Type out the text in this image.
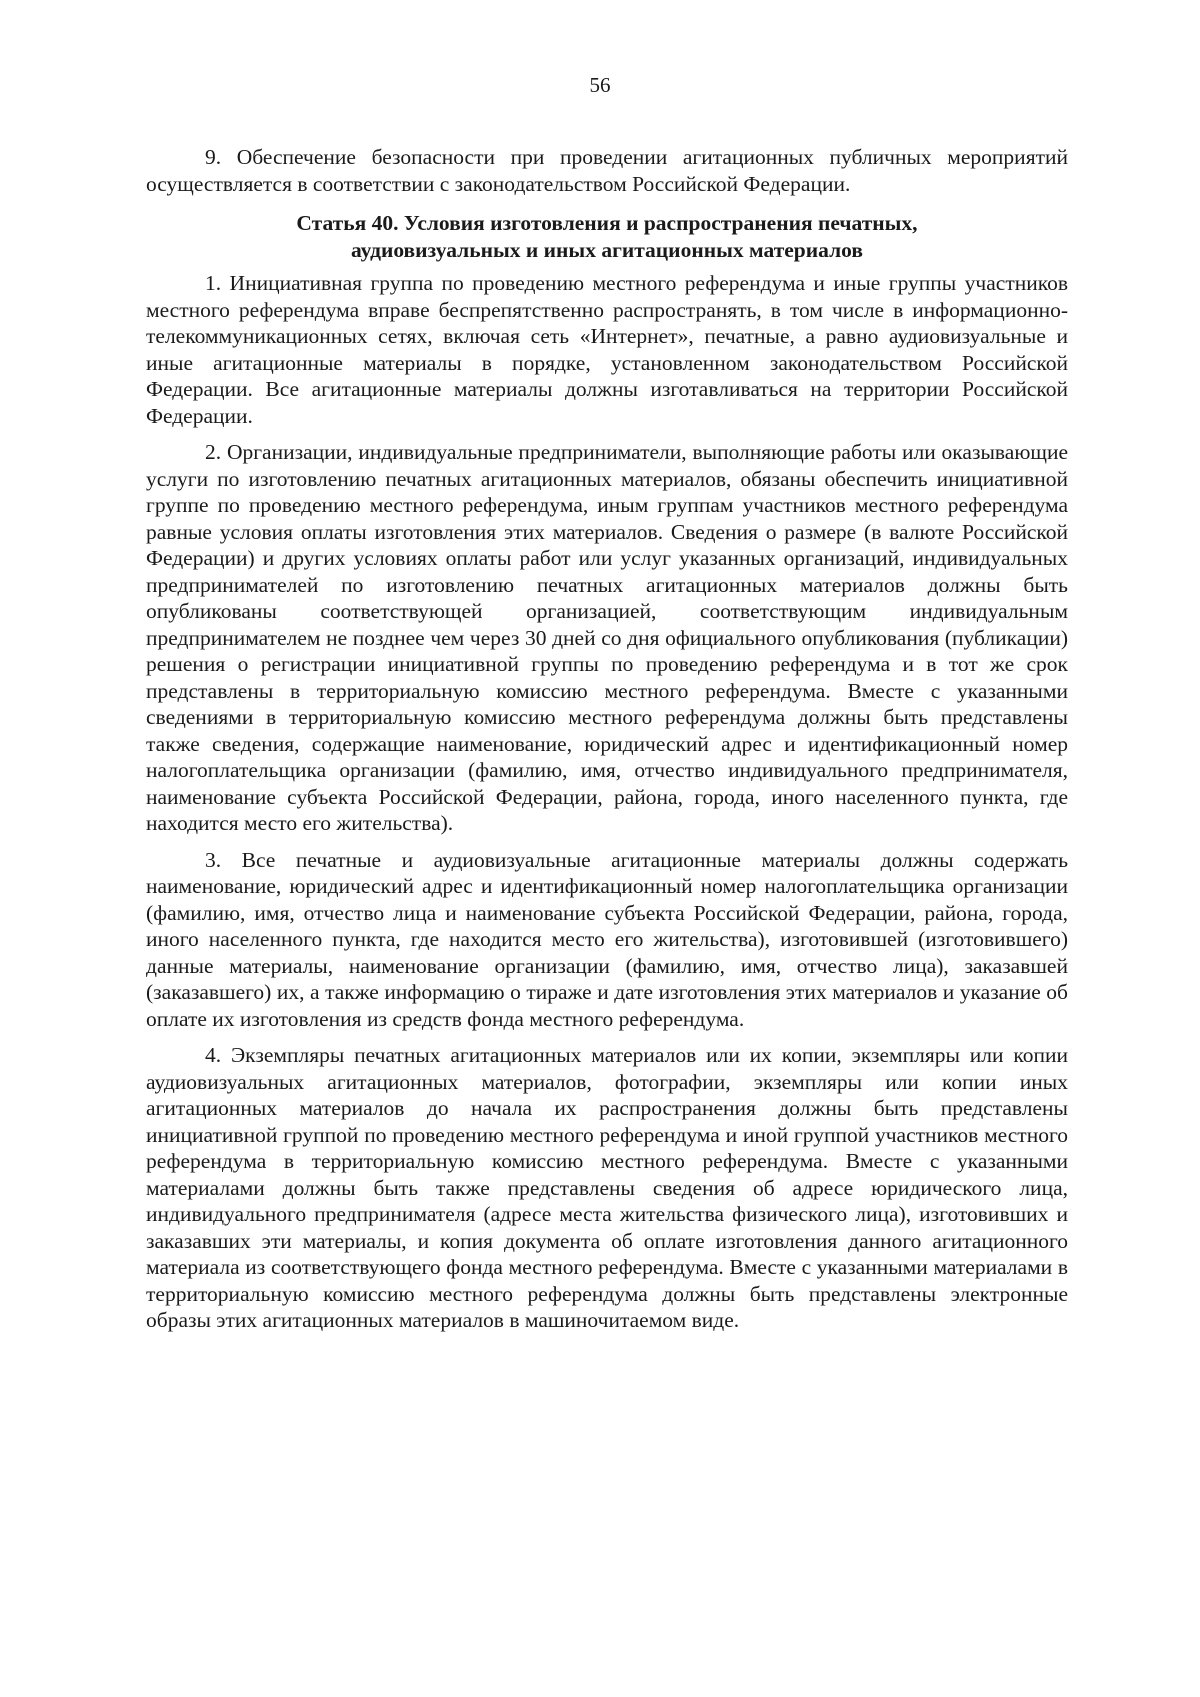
56

9. Обеспечение безопасности при проведении агитационных публичных мероприятий осуществляется в соответствии с законодательством Российской Федерации.

Статья 40. Условия изготовления и распространения печатных,
аудиовизуальных и иных агитационных материалов

1. Инициативная группа по проведению местного референдума и иные группы участников местного референдума вправе беспрепятственно распространять, в том числе в информационно-телекоммуникационных сетях, включая сеть «Интернет», печатные, а равно аудиовизуальные и иные агитационные материалы в порядке, установленном законодательством Российской Федерации. Все агитационные материалы должны изготавливаться на территории Российской Федерации.

2. Организации, индивидуальные предприниматели, выполняющие работы или оказывающие услуги по изготовлению печатных агитационных материалов, обязаны обеспечить инициативной группе по проведению местного референдума, иным группам участников местного референдума равные условия оплаты изготовления этих материалов. Сведения о размере (в валюте Российской Федерации) и других условиях оплаты работ или услуг указанных организаций, индивидуальных предпринимателей по изготовлению печатных агитационных материалов должны быть опубликованы соответствующей организацией, соответствующим индивидуальным предпринимателем не позднее чем через 30 дней со дня официального опубликования (публикации) решения о регистрации инициативной группы по проведению референдума и в тот же срок представлены в территориальную комиссию местного референдума. Вместе с указанными сведениями в территориальную комиссию местного референдума должны быть представлены также сведения, содержащие наименование, юридический адрес и идентификационный номер налогоплательщика организации (фамилию, имя, отчество индивидуального предпринимателя, наименование субъекта Российской Федерации, района, города, иного населенного пункта, где находится место его жительства).

3. Все печатные и аудиовизуальные агитационные материалы должны содержать наименование, юридический адрес и идентификационный номер налогоплательщика организации (фамилию, имя, отчество лица и наименование субъекта Российской Федерации, района, города, иного населенного пункта, где находится место его жительства), изготовившей (изготовившего) данные материалы, наименование организации (фамилию, имя, отчество лица), заказавшей (заказавшего) их, а также информацию о тираже и дате изготовления этих материалов и указание об оплате их изготовления из средств фонда местного референдума.

4. Экземпляры печатных агитационных материалов или их копии, экземпляры или копии аудиовизуальных агитационных материалов, фотографии, экземпляры или копии иных агитационных материалов до начала их распространения должны быть представлены инициативной группой по проведению местного референдума и иной группой участников местного референдума в территориальную комиссию местного референдума. Вместе с указанными материалами должны быть также представлены сведения об адресе юридического лица, индивидуального предпринимателя (адресе места жительства физического лица), изготовивших и заказавших эти материалы, и копия документа об оплате изготовления данного агитационного материала из соответствующего фонда местного референдума. Вместе с указанными материалами в территориальную комиссию местного референдума должны быть представлены электронные образы этих агитационных материалов в машиночитаемом виде.
